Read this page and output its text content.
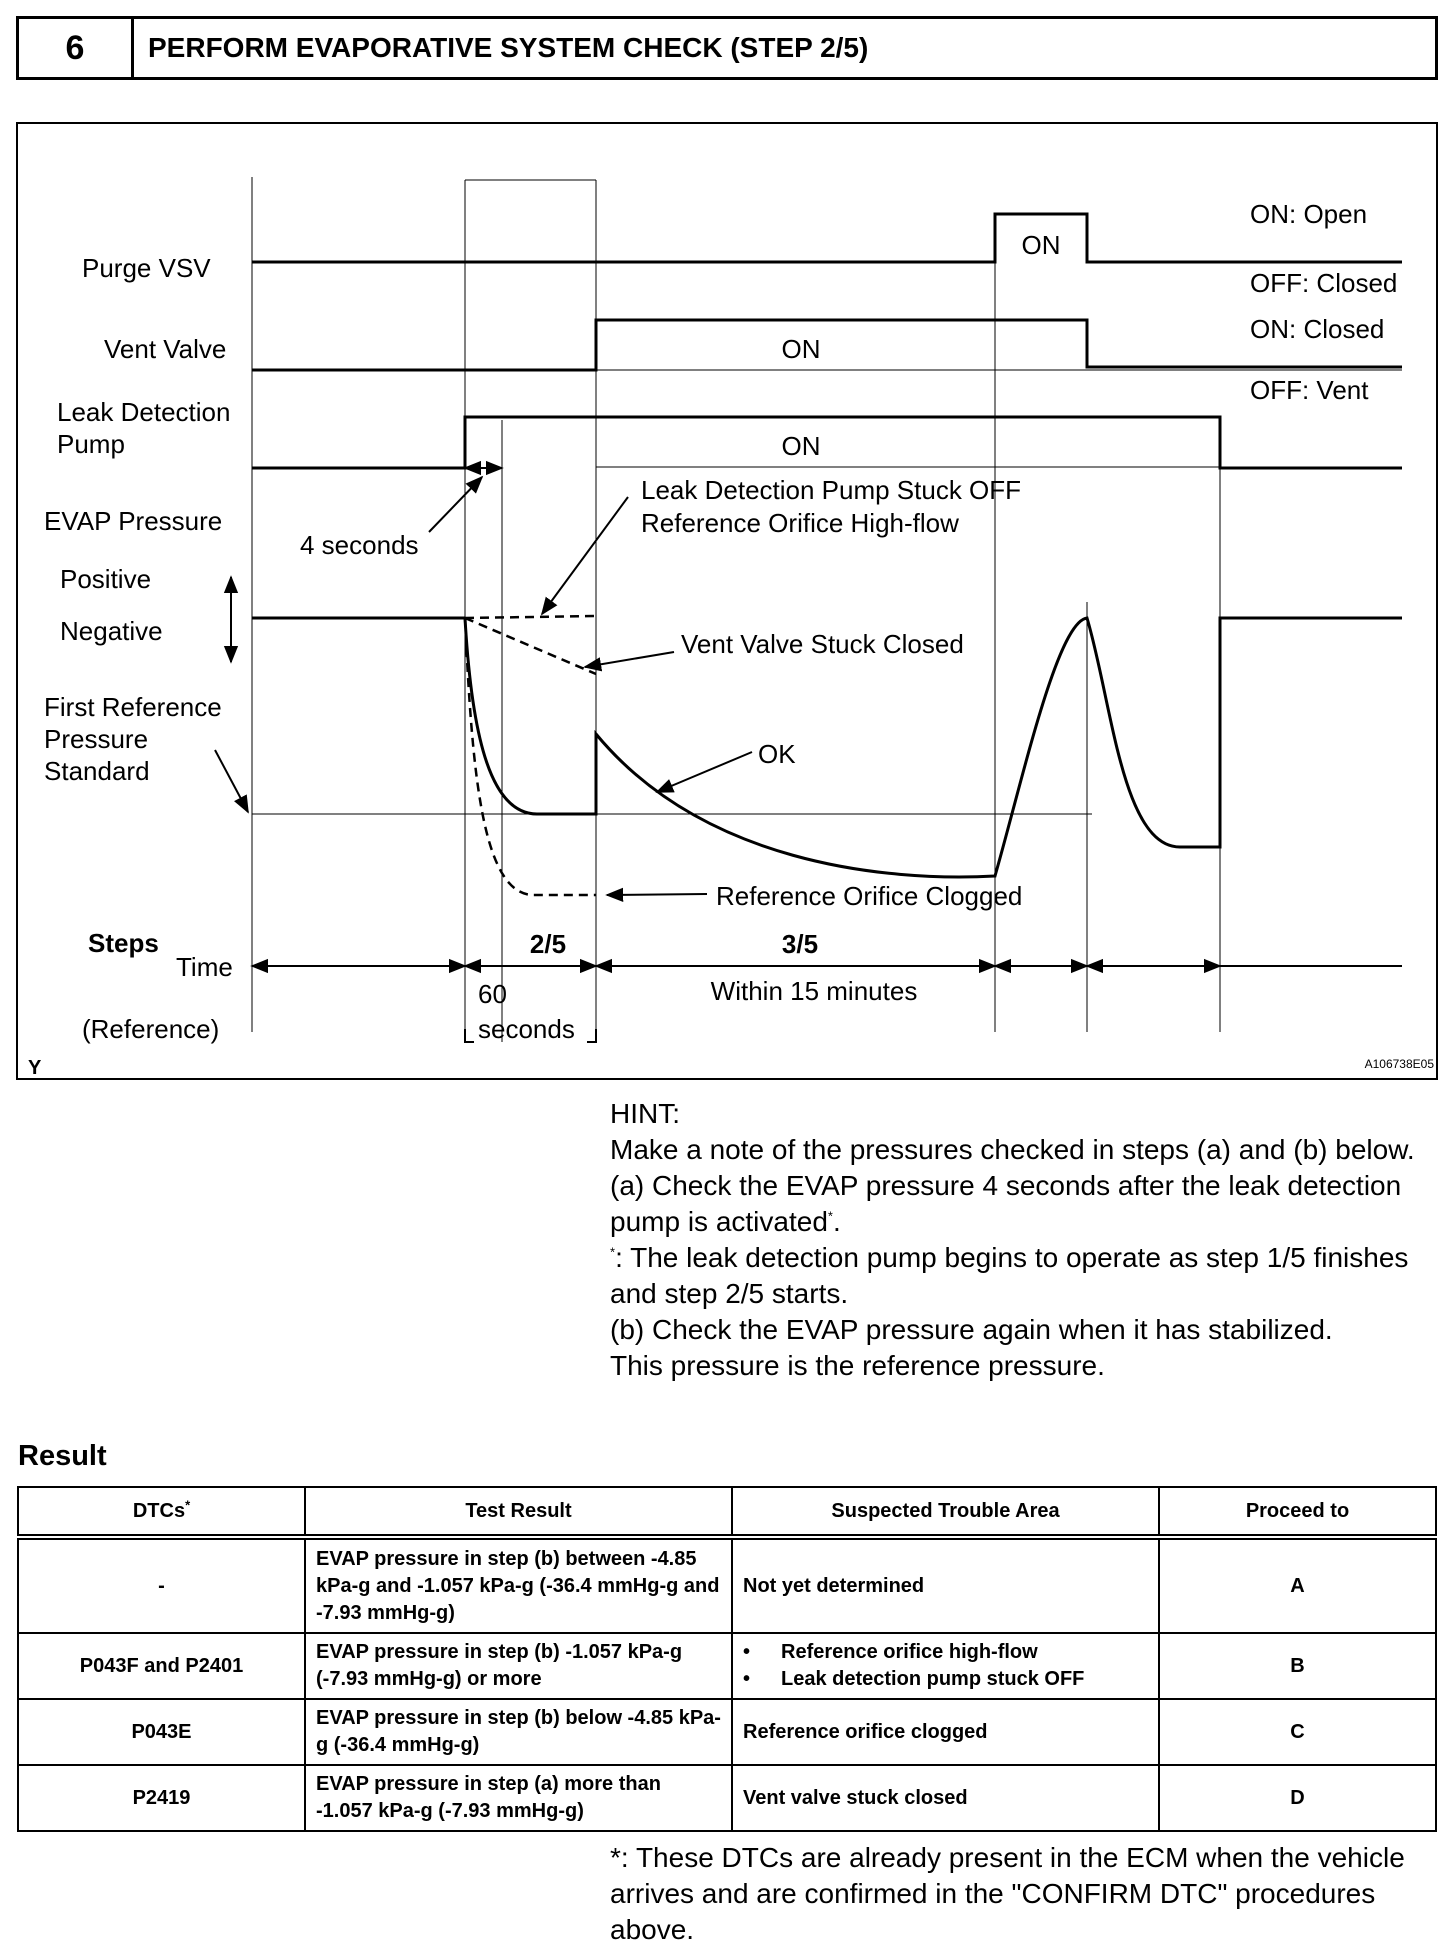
6	PERFORM EVAPORATIVE SYSTEM CHECK (STEP 2/5)
Purge VSV
Vent Valve
Leak Detection
Pump
EVAP Pressure
Positive
Negative
First Reference
Pressure
Standard
Steps
Time
(Reference)
Y	A106738E05
ON: Open
OFF: Closed
ON: Closed
OFF: Vent
ON
ON
ON
4 seconds
Leak Detection Pump Stuck OFF
Reference Orifice High-flow
Vent Valve Stuck Closed
OK
Reference Orifice Clogged
2/5	3/5
60
seconds
Within 15 minutes

HINT:

Make a note of the pressures checked in steps (a) and (b) below.

(a) Check the EVAP pressure 4 seconds after the leak detection pump is activated*.

*: The leak detection pump begins to operate as step 1/5 finishes and step 2/5 starts.

(b) Check the EVAP pressure again when it has stabilized.

This pressure is the reference pressure.

Result
DTCs*	Test Result	Suspected Trouble Area	Proceed to
-	EVAP pressure in step (b) between -4.85 kPa-g and -1.057 kPa-g (-36.4 mmHg-g and -7.93 mmHg-g)	Not yet determined	A
P043F and P2401	EVAP pressure in step (b) -1.057 kPa-g (-7.93 mmHg-g) or more	• Reference orifice high-flow
• Leak detection pump stuck OFF	B
P043E	EVAP pressure in step (b) below -4.85 kPa-g (-36.4 mmHg-g)	Reference orifice clogged	C
P2419	EVAP pressure in step (a) more than -1.057 kPa-g (-7.93 mmHg-g)	Vent valve stuck closed	D
*: These DTCs are already present in the ECM when the vehicle arrives and are confirmed in the "CONFIRM DTC" procedures above.
